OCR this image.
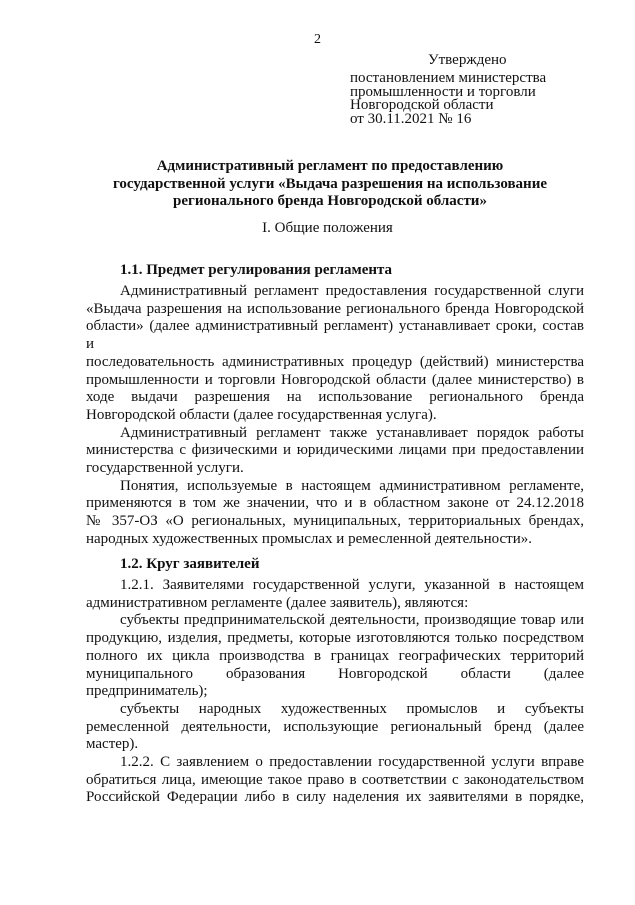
2
Утверждено
постановлением министерства
промышленности и торговли
Новгородской области
от 30.11.2021 № 16
Административный регламент по предоставлению
государственной услуги «Выдача разрешения на использование
регионального бренда Новгородской области»
I. Общие положения
1.1. Предмет регулирования регламента
Административный регламент предоставления государственной слуги
«Выдача разрешения на использование регионального бренда Новгородской
области» (далее административный регламент) устанавливает сроки, состав и
последовательность административных процедур (действий) министерства
промышленности и торговли Новгородской области (далее министерство) в
ходе выдачи разрешения на использование регионального бренда
Новгородской области (далее государственная услуга).
Административный регламент также устанавливает порядок работы
министерства с физическими и юридическими лицами при предоставлении
государственной услуги.
Понятия, используемые в настоящем административном регламенте,
применяются в том же значении, что и в областном законе от 24.12.2018
№ 357-ОЗ «О региональных, муниципальных, территориальных брендах,
народных художественных промыслах и ремесленной деятельности».
1.2. Круг заявителей
1.2.1. Заявителями государственной услуги, указанной в настоящем
административном регламенте (далее заявитель), являются:
субъекты предпринимательской деятельности, производящие товар или
продукцию, изделия, предметы, которые изготовляются только посредством
полного их цикла производства в границах географических территорий
муниципального образования Новгородской области (далее
предприниматель);
субъекты народных художественных промыслов и субъекты
ремесленной деятельности, использующие региональный бренд (далее
мастер).
1.2.2. С заявлением о предоставлении государственной услуги вправе
обратиться лица, имеющие такое право в соответствии с законодательством
Российской Федерации либо в силу наделения их заявителями в порядке,
